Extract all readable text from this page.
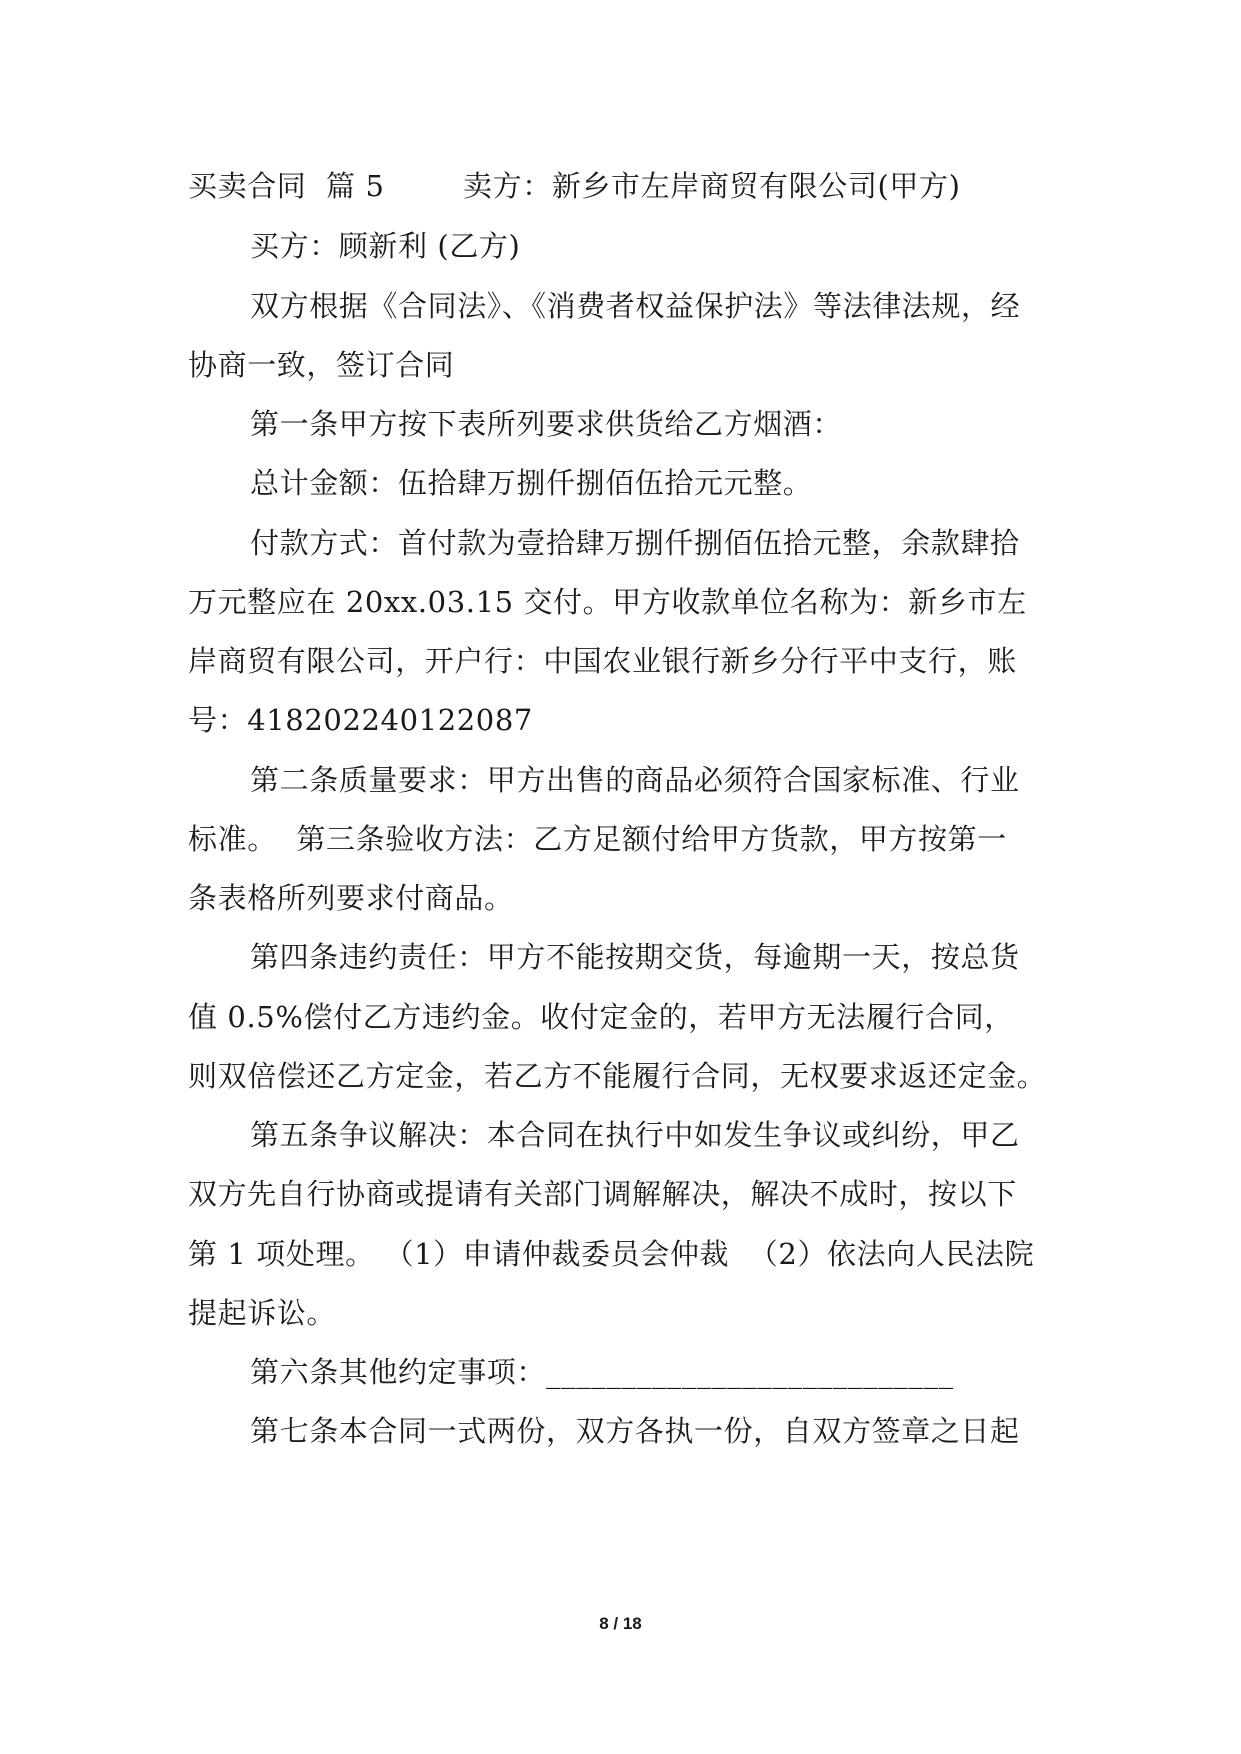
买卖合同  篇 5        卖方：新乡市左岸商贸有限公司(甲方)
买方：顾新利 (乙方)
双方根据《合同法》、《消费者权益保护法》等法律法规，经
协商一致，签订合同
第一条甲方按下表所列要求供货给乙方烟酒：
总计金额：伍拾肆万捌仟捌佰伍拾元元整。
付款方式：首付款为壹拾肆万捌仟捌佰伍拾元整，余款肆拾
万元整应在 20xx.03.15 交付。甲方收款单位名称为：新乡市左
岸商贸有限公司，开户行：中国农业银行新乡分行平中支行，账
号：418202240122087
第二条质量要求：甲方出售的商品必须符合国家标准、行业
标准。  第三条验收方法：乙方足额付给甲方货款，甲方按第一
条表格所列要求付商品。
第四条违约责任：甲方不能按期交货，每逾期一天，按总货
值 0.5%偿付乙方违约金。收付定金的，若甲方无法履行合同，
则双倍偿还乙方定金，若乙方不能履行合同，无权要求返还定金。
第五条争议解决：本合同在执行中如发生争议或纠纷，甲乙
双方先自行协商或提请有关部门调解解决，解决不成时，按以下
第 1 项处理。 （1）申请仲裁委员会仲裁  （2）依法向人民法院
提起诉讼。
第六条其他约定事项：___________________________
第七条本合同一式两份，双方各执一份，自双方签章之日起
8 / 18
